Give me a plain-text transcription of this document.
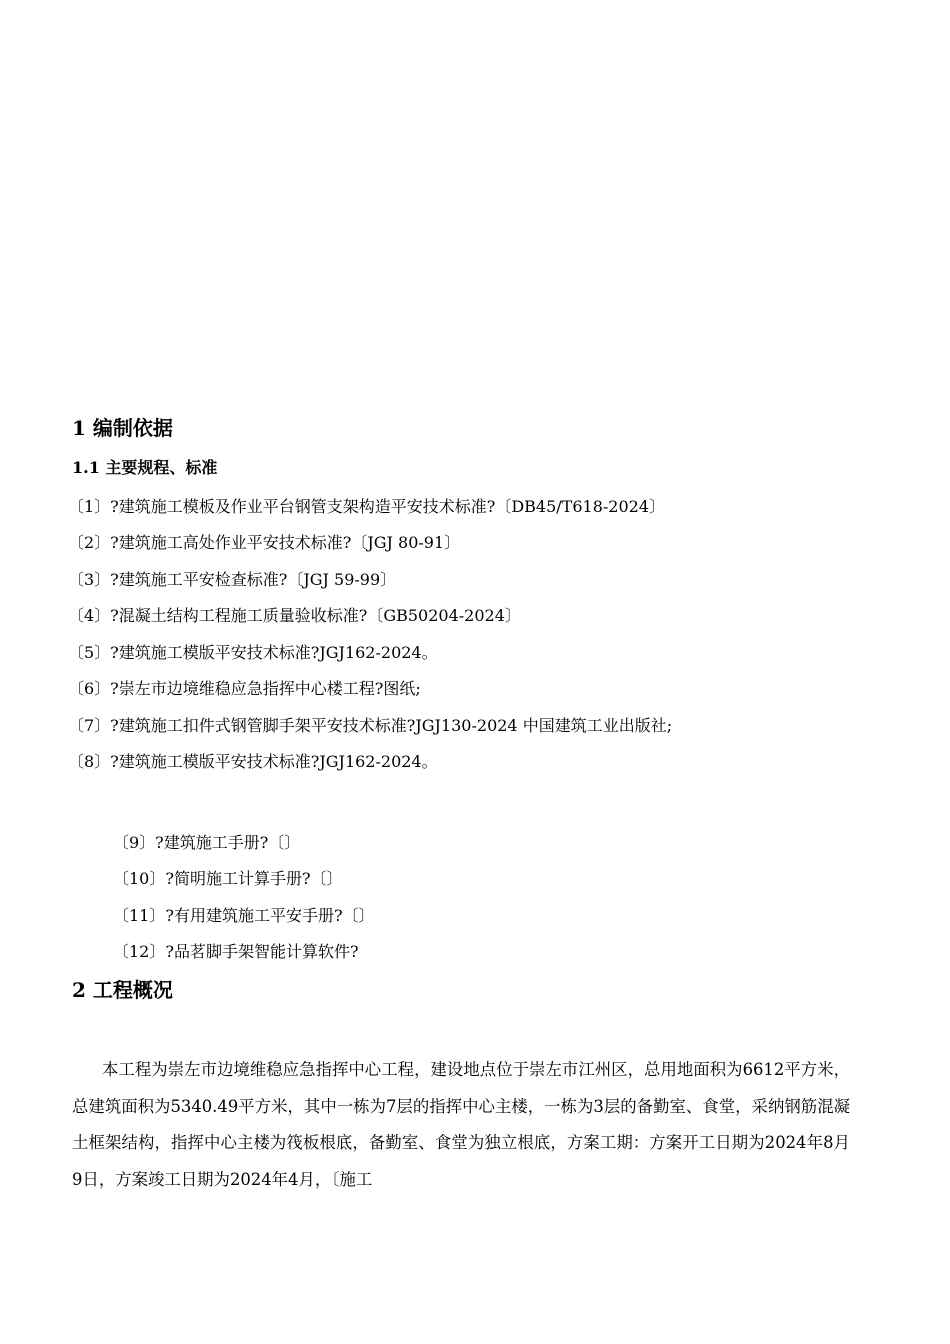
1 编制依据
1.1 主要规程、标准
〔1〕?建筑施工模板及作业平台钢管支架构造平安技术标准?〔DB45/T618-2024〕
〔2〕?建筑施工高处作业平安技术标准?〔JGJ 80-91〕
〔3〕?建筑施工平安检查标准?〔JGJ 59-99〕
〔4〕?混凝土结构工程施工质量验收标准?〔GB50204-2024〕
〔5〕?建筑施工模版平安技术标准?JGJ162-2024。
〔6〕?崇左市边境维稳应急指挥中心楼工程?图纸;
〔7〕?建筑施工扣件式钢管脚手架平安技术标准?JGJ130-2024 中国建筑工业出版社;
〔8〕?建筑施工模版平安技术标准?JGJ162-2024。
〔9〕?建筑施工手册?〔〕
〔10〕?简明施工计算手册?〔〕
〔11〕?有用建筑施工平安手册?〔〕
〔12〕?品茗脚手架智能计算软件?
2 工程概况
本工程为崇左市边境维稳应急指挥中心工程，建设地点位于崇左市江州区，总用地面积为6612平方米，总建筑面积为5340.49平方米，其中一栋为7层的指挥中心主楼，一栋为3层的备勤室、食堂，采纳钢筋混凝土框架结构，指挥中心主楼为筏板根底，备勤室、食堂为独立根底，方案工期：方案开工日期为2024年8月9日，方案竣工日期为2024年4月，〔施工
